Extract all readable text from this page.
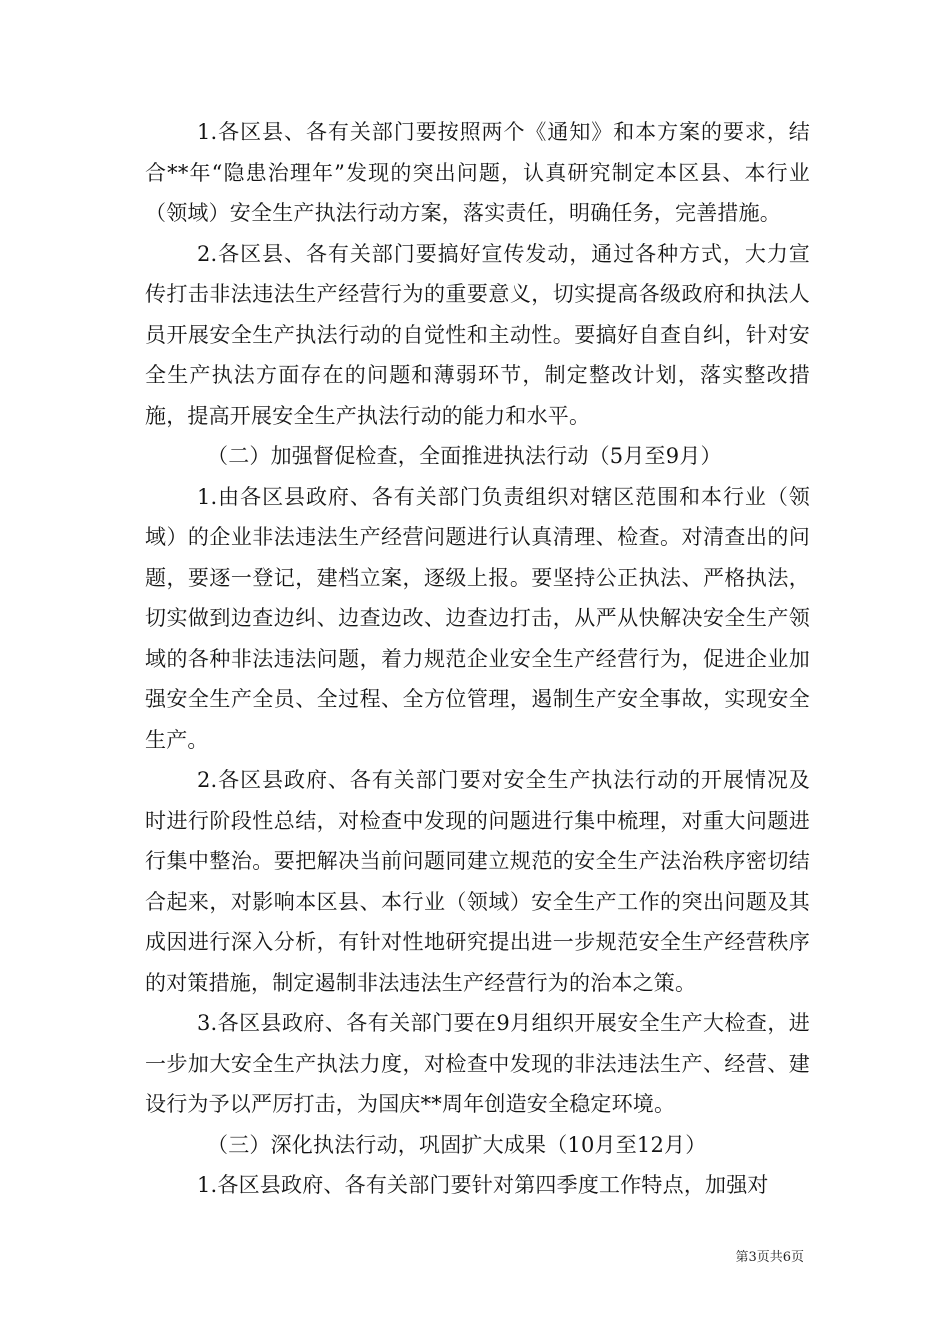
1.各区县、各有关部门要按照两个《通知》和本方案的要求，结合**年“隐患治理年”发现的突出问题，认真研究制定本区县、本行业（领域）安全生产执法行动方案，落实责任，明确任务，完善措施。

2.各区县、各有关部门要搞好宣传发动，通过各种方式，大力宣传打击非法违法生产经营行为的重要意义，切实提高各级政府和执法人员开展安全生产执法行动的自觉性和主动性。要搞好自查自纠，针对安全生产执法方面存在的问题和薄弱环节，制定整改计划，落实整改措施，提高开展安全生产执法行动的能力和水平。

（二）加强督促检查，全面推进执法行动（5月至9月）

1.由各区县政府、各有关部门负责组织对辖区范围和本行业（领域）的企业非法违法生产经营问题进行认真清理、检查。对清查出的问题，要逐一登记，建档立案，逐级上报。要坚持公正执法、严格执法，切实做到边查边纠、边查边改、边查边打击，从严从快解决安全生产领域的各种非法违法问题，着力规范企业安全生产经营行为，促进企业加强安全生产全员、全过程、全方位管理，遏制生产安全事故，实现安全生产。

2.各区县政府、各有关部门要对安全生产执法行动的开展情况及时进行阶段性总结，对检查中发现的问题进行集中梳理，对重大问题进行集中整治。要把解决当前问题同建立规范的安全生产法治秩序密切结合起来，对影响本区县、本行业（领域）安全生产工作的突出问题及其成因进行深入分析，有针对性地研究提出进一步规范安全生产经营秩序的对策措施，制定遏制非法违法生产经营行为的治本之策。

3.各区县政府、各有关部门要在9月组织开展安全生产大检查，进一步加大安全生产执法力度，对检查中发现的非法违法生产、经营、建设行为予以严厉打击，为国庆**周年创造安全稳定环境。

（三）深化执法行动，巩固扩大成果（10月至12月）

1.各区县政府、各有关部门要针对第四季度工作特点，加强对

第3页共6页
